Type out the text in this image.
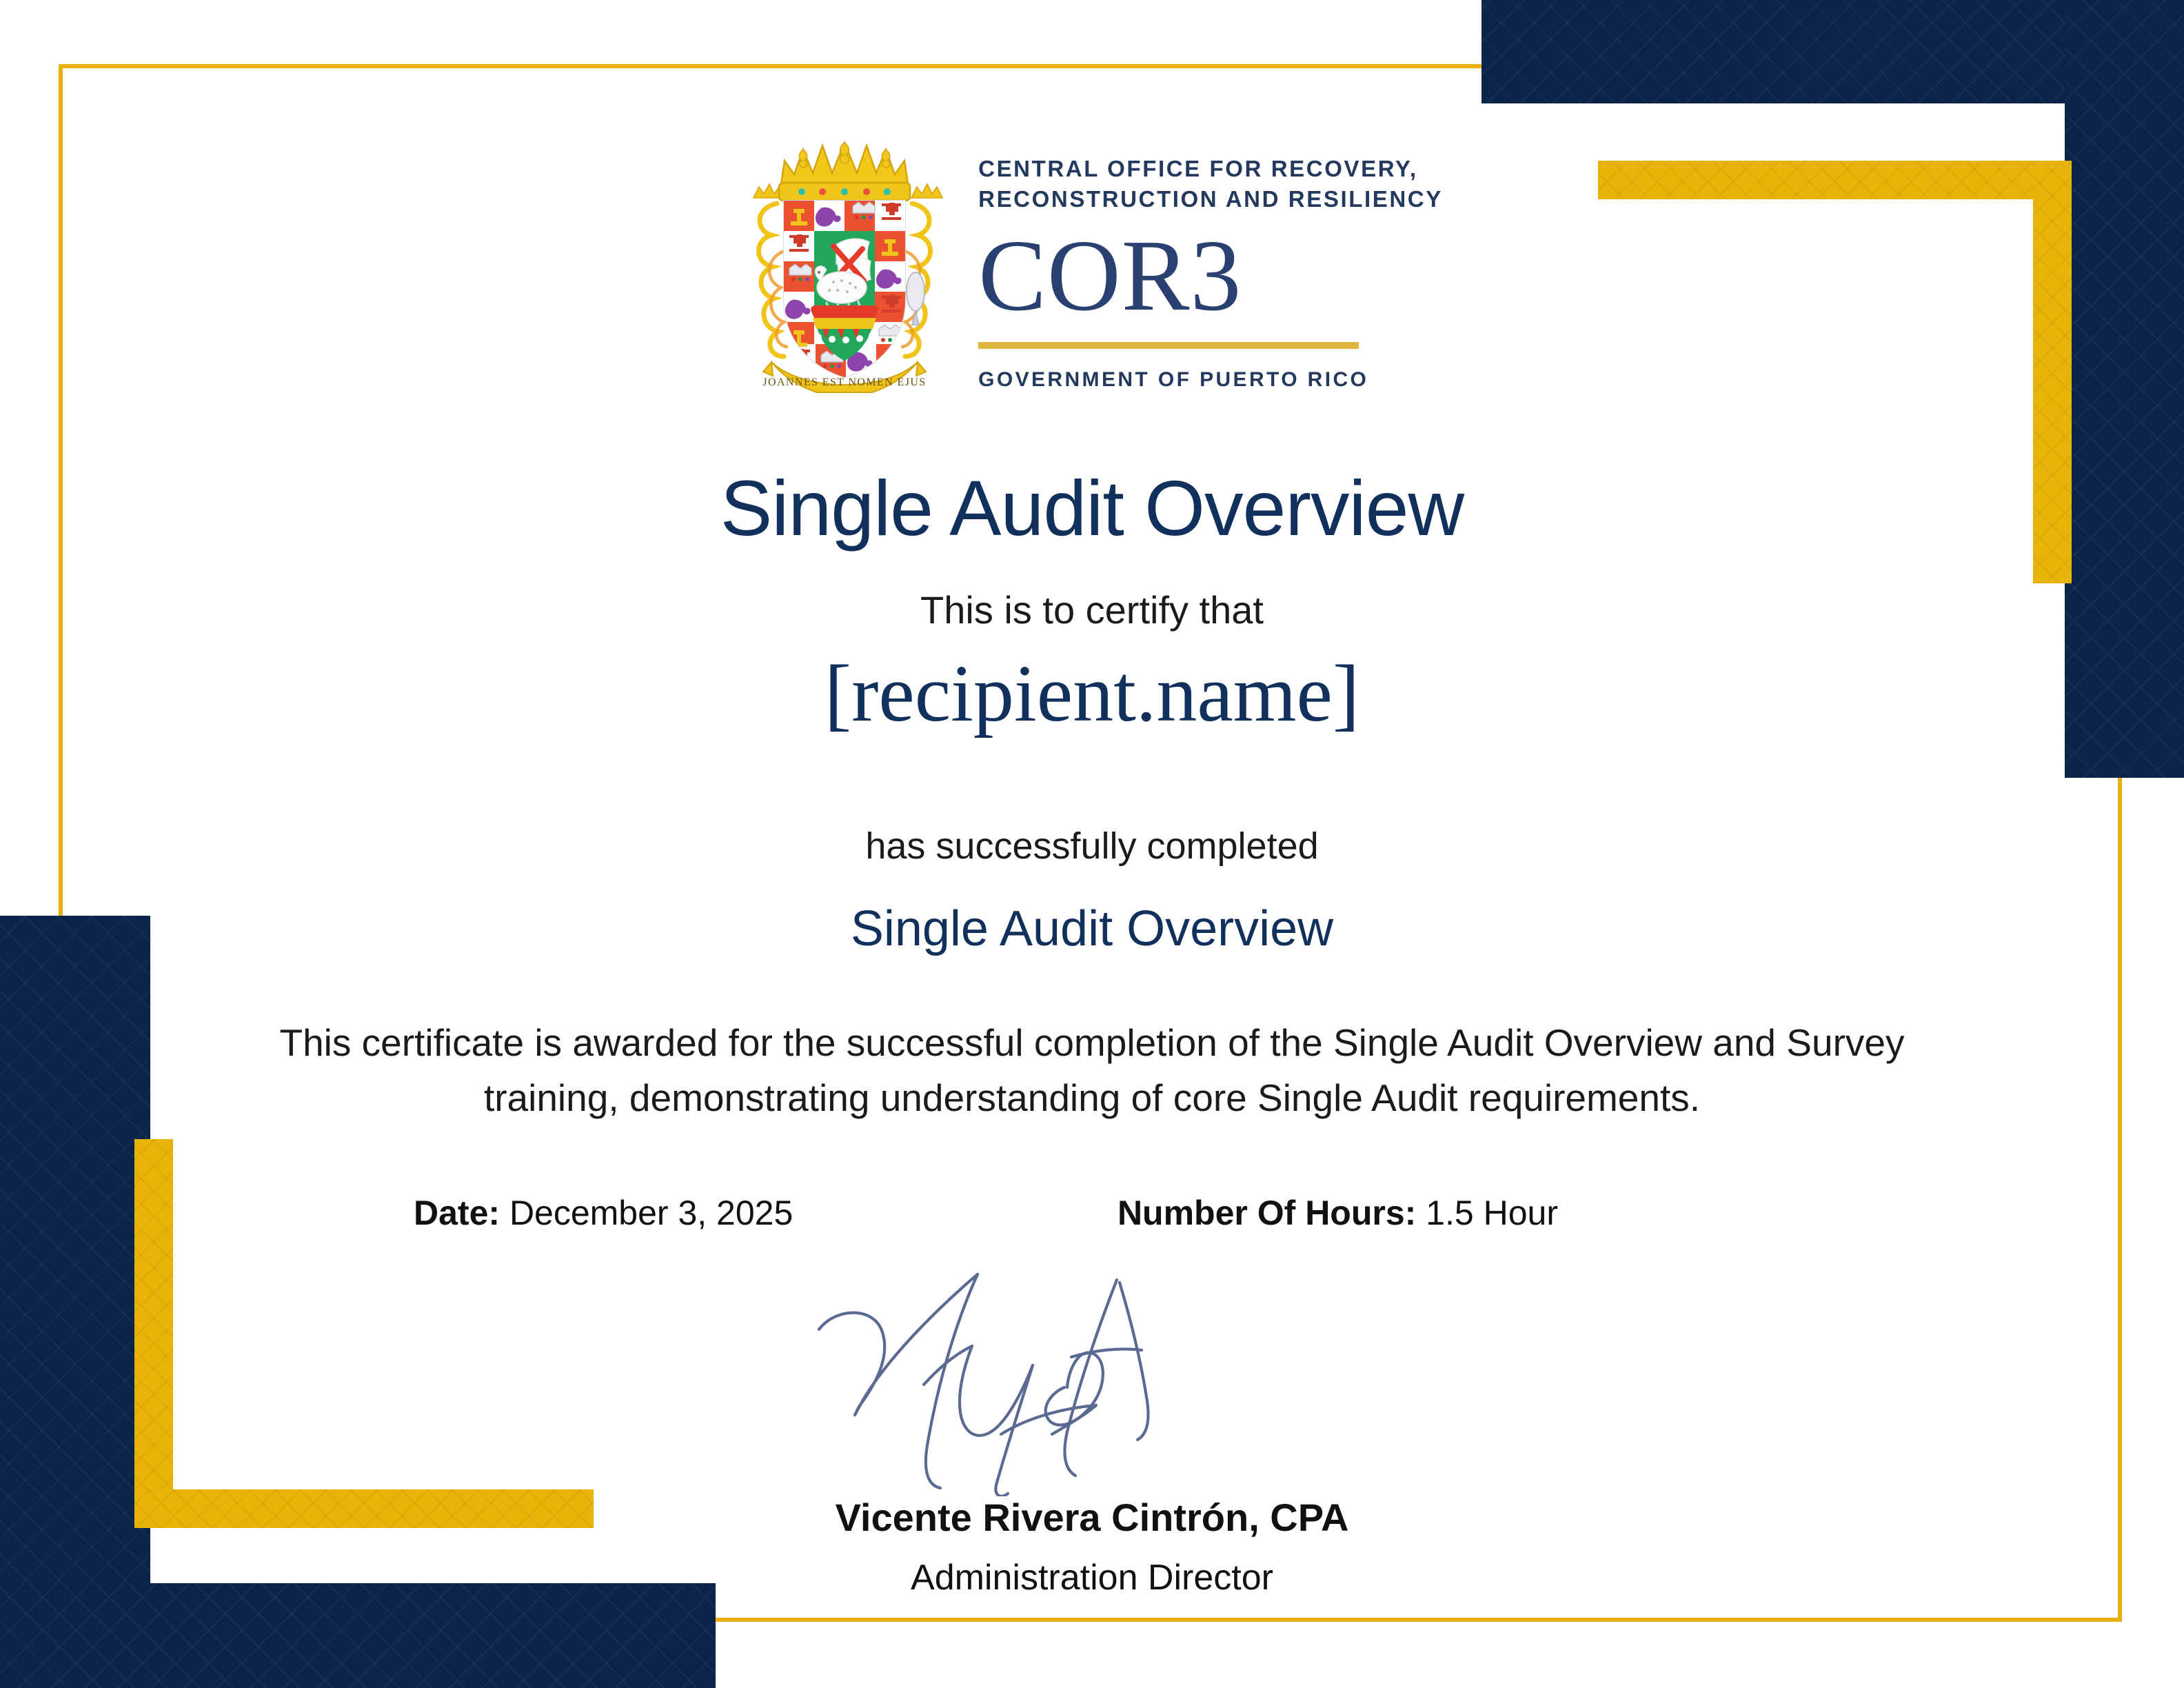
JOANNES EST NOMEN EJUS
CENTRAL OFFICE FOR RECOVERY,
RECONSTRUCTION AND RESILIENCY
COR3
GOVERNMENT OF PUERTO RICO
Single Audit Overview
This is to certify that
[recipient.name]
has successfully completed
Single Audit Overview
This certificate is awarded for the successful completion of the Single Audit Overview and Survey training, demonstrating understanding of core Single Audit requirements.
Date: December 3, 2025	Number Of Hours: 1.5 Hour
Vicente Rivera Cintrón, CPA
Administration Director
